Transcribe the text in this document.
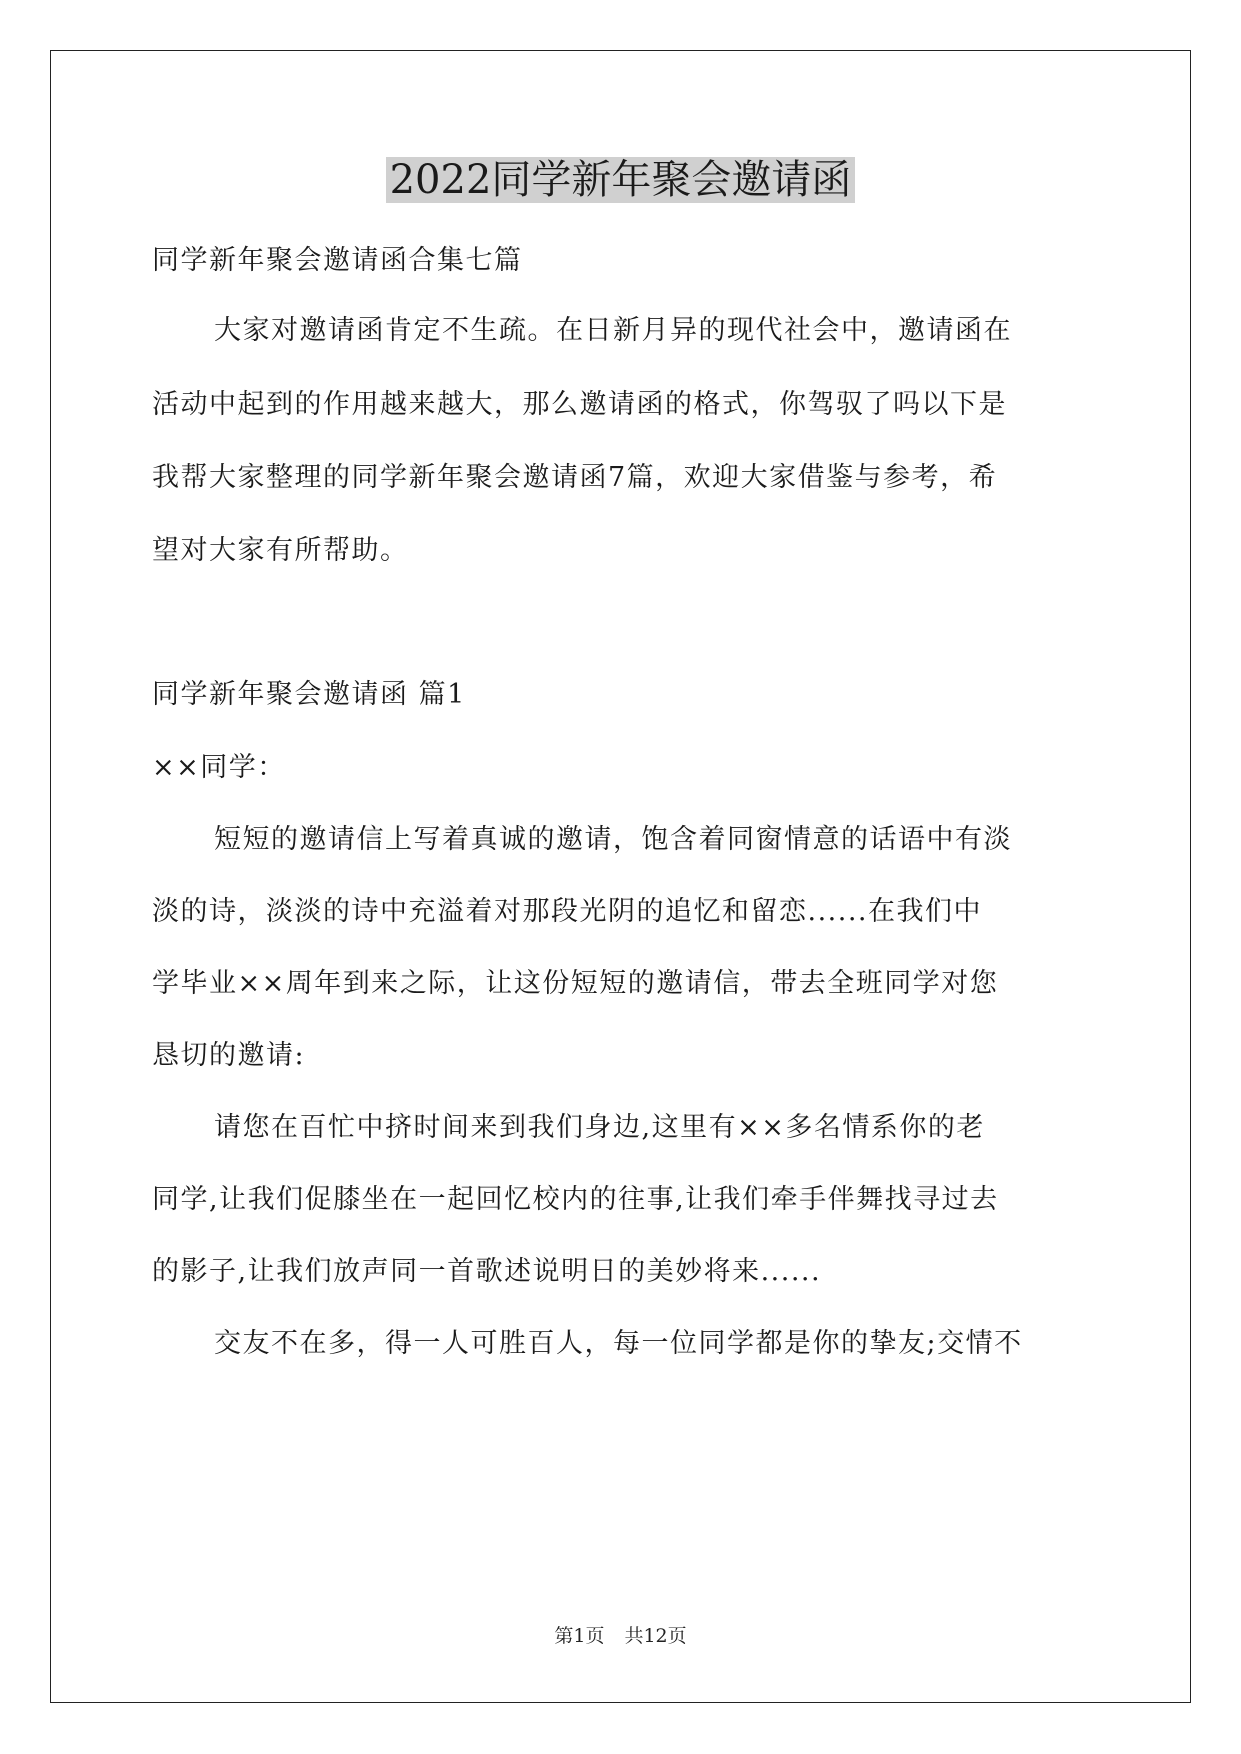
2022同学新年聚会邀请函
同学新年聚会邀请函合集七篇
大家对邀请函肯定不生疏。在日新月异的现代社会中，邀请函在
活动中起到的作用越来越大，那么邀请函的格式，你驾驭了吗以下是
我帮大家整理的同学新年聚会邀请函7篇，欢迎大家借鉴与参考，希
望对大家有所帮助。
同学新年聚会邀请函 篇1
××同学：
短短的邀请信上写着真诚的邀请，饱含着同窗情意的话语中有淡
淡的诗，淡淡的诗中充溢着对那段光阴的追忆和留恋......在我们中
学毕业××周年到来之际，让这份短短的邀请信，带去全班同学对您
恳切的邀请:
请您在百忙中挤时间来到我们身边,这里有××多名情系你的老
同学,让我们促膝坐在一起回忆校内的往事,让我们牵手伴舞找寻过去
的影子,让我们放声同一首歌述说明日的美妙将来......
交友不在多，得一人可胜百人，每一位同学都是你的挚友;交情不
第1页 共12页
